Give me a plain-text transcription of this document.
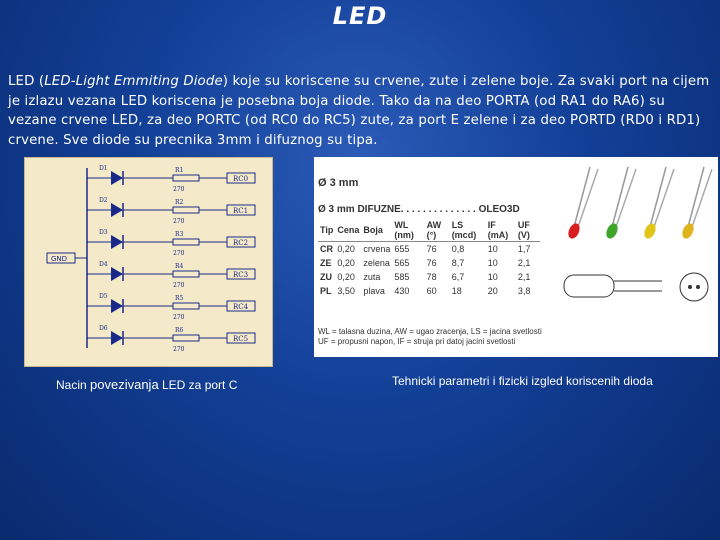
LED
LED (LED-Light Emmiting Diode) koje su koriscene su crvene, zute i zelene boje. Za svaki port na cijem je izlazu vezana LED koriscena je posebna boja diode. Tako da na deo PORTA (od RA1 do RA6) su vezane crvene LED, za deo PORTC (od RC0 do RC5) zute, za port E zelene i za deo PORTD (RD0 i RD1) crvene. Sve diode su precnika 3mm i difuznog su tipa.
GND
RC0
D1	R1
270
RC1
D2	R2
270
RC2
D3	R3
270
RC3
D4	R4
270
RC4
D5	R5
270
RC5
D6	R6
270
Nacin povezivanja LED za port C
Ø 3 mm
Ø 3 mm DIFUZNE. . . . . . . . . . . . . . OLEO3D
Tip	Cena	Boja	WL (nm)	AW (°)	LS (mcd)	IF (mA)	UF (V)
CR	0,20	crvena	655	76	0,8	10	1,7
ZE	0,20	zelena	565	76	8,7	10	2,1
ZU	0,20	zuta	585	78	6,7	10	2,1
PL	3,50	plava	430	60	18	20	3,8
WL = talasna duzina, AW = ugao zracenja, LS = jacina svetlosti
UF = propusni napon, IF = struja pri datoj jacini svetlosti
Tehnicki parametri i fizicki izgled koriscenih dioda
